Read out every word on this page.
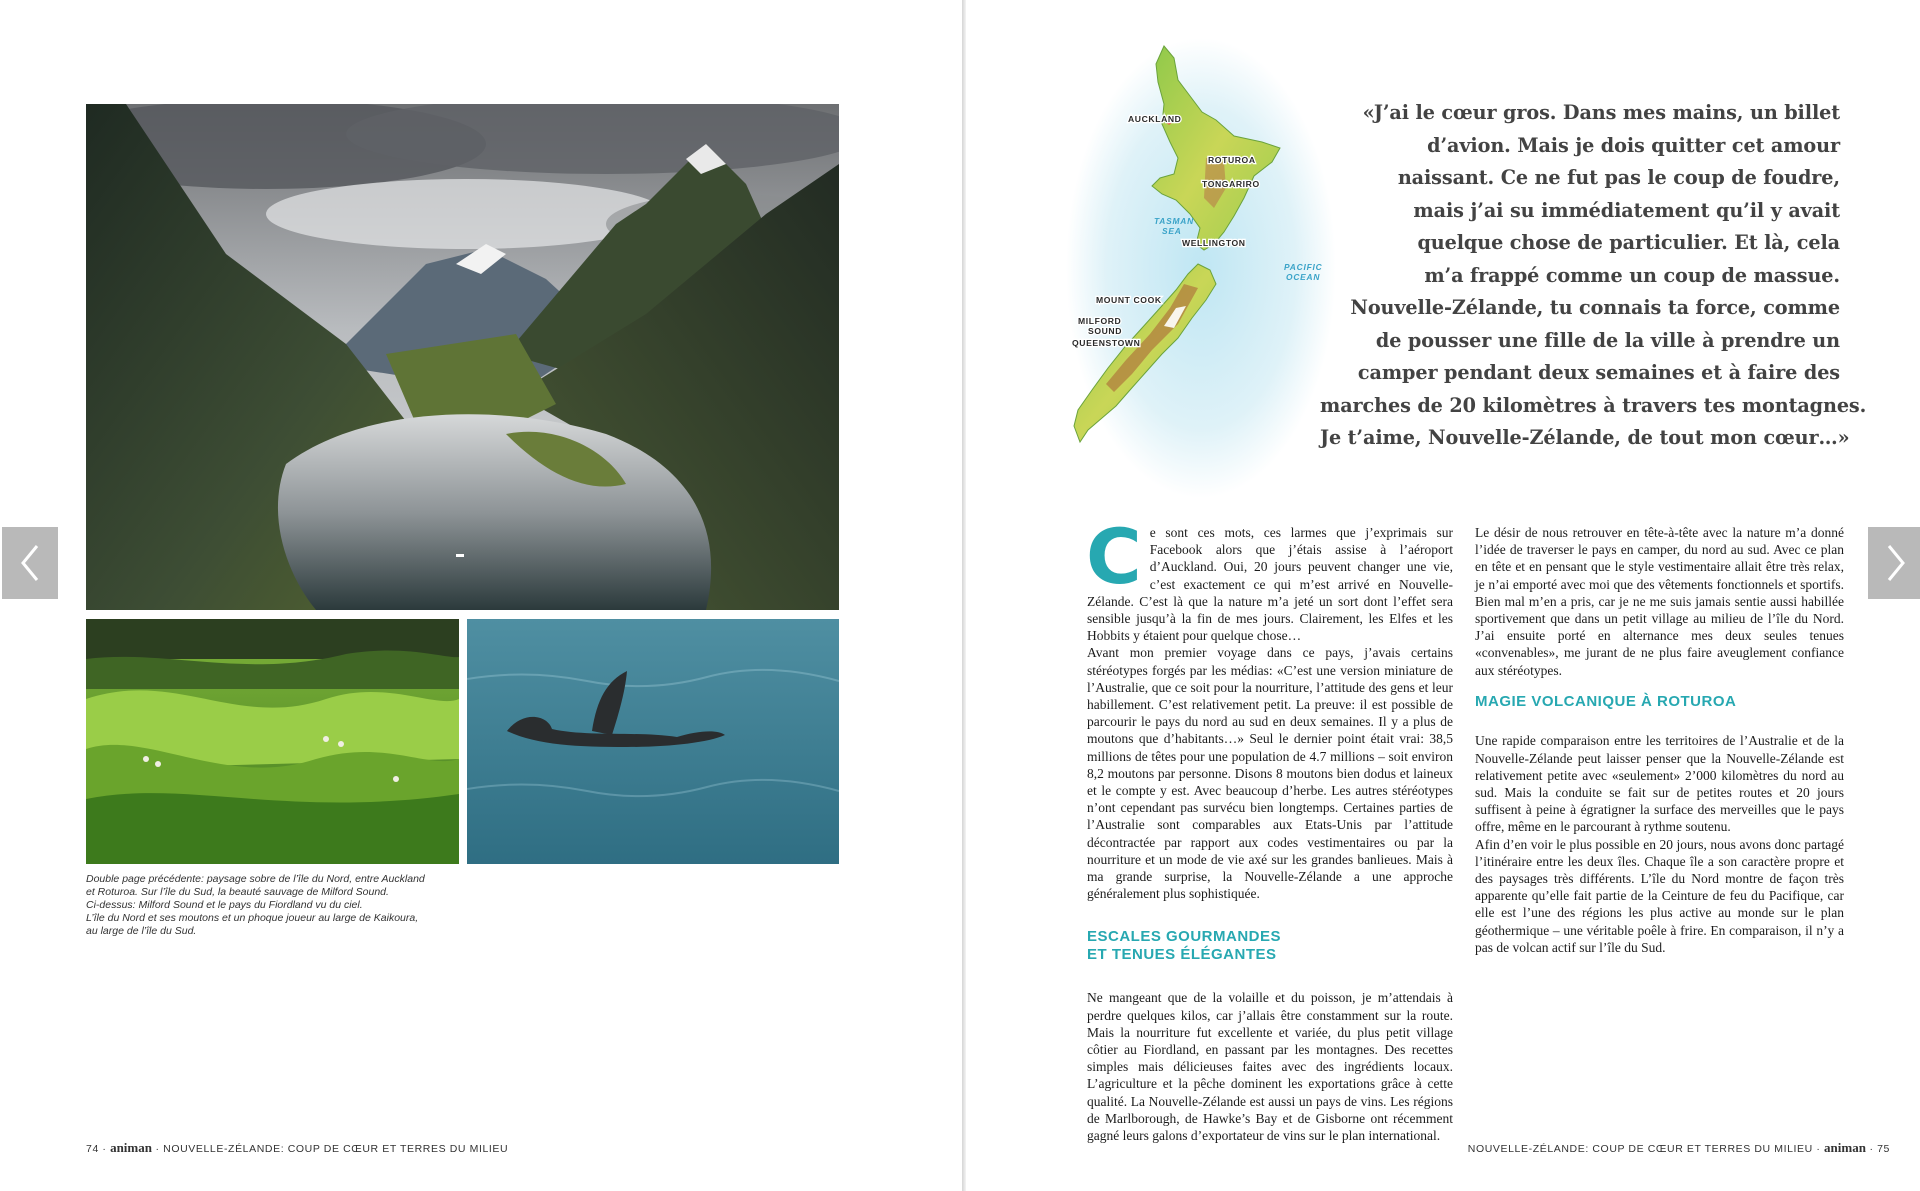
Double page précédente: paysage sobre de l’île du Nord, entre Auckland
et Roturoa. Sur l’île du Sud, la beauté sauvage de Milford Sound.
Ci-dessus: Milford Sound et le pays du Fiordland vu du ciel.
L’île du Nord et ses moutons et un phoque joueur au large de Kaikoura,
au large de l’île du Sud.
74 · animan · NOUVELLE-ZÉLANDE: COUP DE CŒUR ET TERRES DU MILIEU
AUCKLAND
ROTUROA
TONGARIRO
WELLINGTON
MOUNT COOK
MILFORD
SOUND
QUEENSTOWN
TASMAN
SEA
PACIFIC
OCEAN
«J’ai le cœur gros. Dans mes mains, un billet
d’avion. Mais je dois quitter cet amour
naissant. Ce ne fut pas le coup de foudre,
mais j’ai su immédiatement qu’il y avait
quelque chose de particulier. Et là, cela
m’a frappé comme un coup de massue.
Nouvelle-Zélande, tu connais ta force, comme
de pousser une fille de la ville à prendre un
camper pendant deux semaines et à faire des
marches de 20 kilomètres à travers tes montagnes.
Je t’aime, Nouvelle-Zélande, de tout mon cœur…»
C e sont ces mots, ces larmes que j’exprimais sur Facebook alors que j’étais assise à l’aéroport d’Auckland. Oui, 20 jours peuvent changer une vie, c’est exactement ce qui m’est arrivé en Nouvelle-Zélande. C’est là que la nature m’a jeté un sort dont l’effet sera sensible jusqu’à la fin de mes jours. Clairement, les Elfes et les Hobbits y étaient pour quelque chose…

Avant mon premier voyage dans ce pays, j’avais certains stéréotypes forgés par les médias: «C’est une version miniature de l’Australie, que ce soit pour la nourriture, l’attitude des gens et leur habillement. C’est relativement petit. La preuve: il est possible de parcourir le pays du nord au sud en deux semaines. Il y a plus de moutons que d’habitants…» Seul le dernier point était vrai: 38,5 millions de têtes pour une population de 4.7 millions – soit environ 8,2 moutons par personne. Disons 8 moutons bien dodus et laineux et le compte y est. Avec beaucoup d’herbe. Les autres stéréotypes n’ont cependant pas survécu bien longtemps. Certaines parties de l’Australie sont comparables aux Etats-Unis par l’attitude décontractée par rapport aux codes vestimentaires ou par la nourriture et un mode de vie axé sur les grandes banlieues. Mais à ma grande surprise, la Nouvelle-Zélande a une approche généralement plus sophistiquée.

ESCALES GOURMANDES
ET TENUES ÉLÉGANTES

Ne mangeant que de la volaille et du poisson, je m’attendais à perdre quelques kilos, car j’allais être constamment sur la route. Mais la nourriture fut excellente et variée, du plus petit village côtier au Fiordland, en passant par les montagnes. Des recettes simples mais délicieuses faites avec des ingrédients locaux. L’agriculture et la pêche dominent les exportations grâce à cette qualité. La Nouvelle-Zélande est aussi un pays de vins. Les régions de Marlborough, de Hawke’s Bay et de Gisborne ont récemment gagné leurs galons d’exportateur de vins sur le plan international.

Le désir de nous retrouver en tête-à-tête avec la nature m’a donné l’idée de traverser le pays en camper, du nord au sud. Avec ce plan en tête et en pensant que le style vestimentaire allait être très relax, je n’ai emporté avec moi que des vêtements fonctionnels et sportifs. Bien mal m’en a pris, car je ne me suis jamais sentie aussi habillée sportivement que dans un petit village au milieu de l’île du Nord. J’ai ensuite porté en alternance mes deux seules tenues «convenables», me jurant de ne plus faire aveuglement confiance aux stéréotypes.

MAGIE VOLCANIQUE À ROTUROA

Une rapide comparaison entre les territoires de l’Australie et de la Nouvelle-Zélande peut laisser penser que la Nouvelle-Zélande est relativement petite avec «seulement» 2’000 kilomètres du nord au sud. Mais la conduite se fait sur de petites routes et 20 jours suffisent à peine à égratigner la surface des merveilles que le pays offre, même en le parcourant à rythme soutenu.

Afin d’en voir le plus possible en 20 jours, nous avons donc partagé l’itinéraire entre les deux îles. Chaque île a son caractère propre et des paysages très différents. L’île du Nord montre de façon très apparente qu’elle fait partie de la Ceinture de feu du Pacifique, car elle est l’une des régions les plus active au monde sur le plan géothermique – une véritable poêle à frire. En comparaison, il n’y a pas de volcan actif sur l’île du Sud.

NOUVELLE-ZÉLANDE: COUP DE CŒUR ET TERRES DU MILIEU · animan · 75
